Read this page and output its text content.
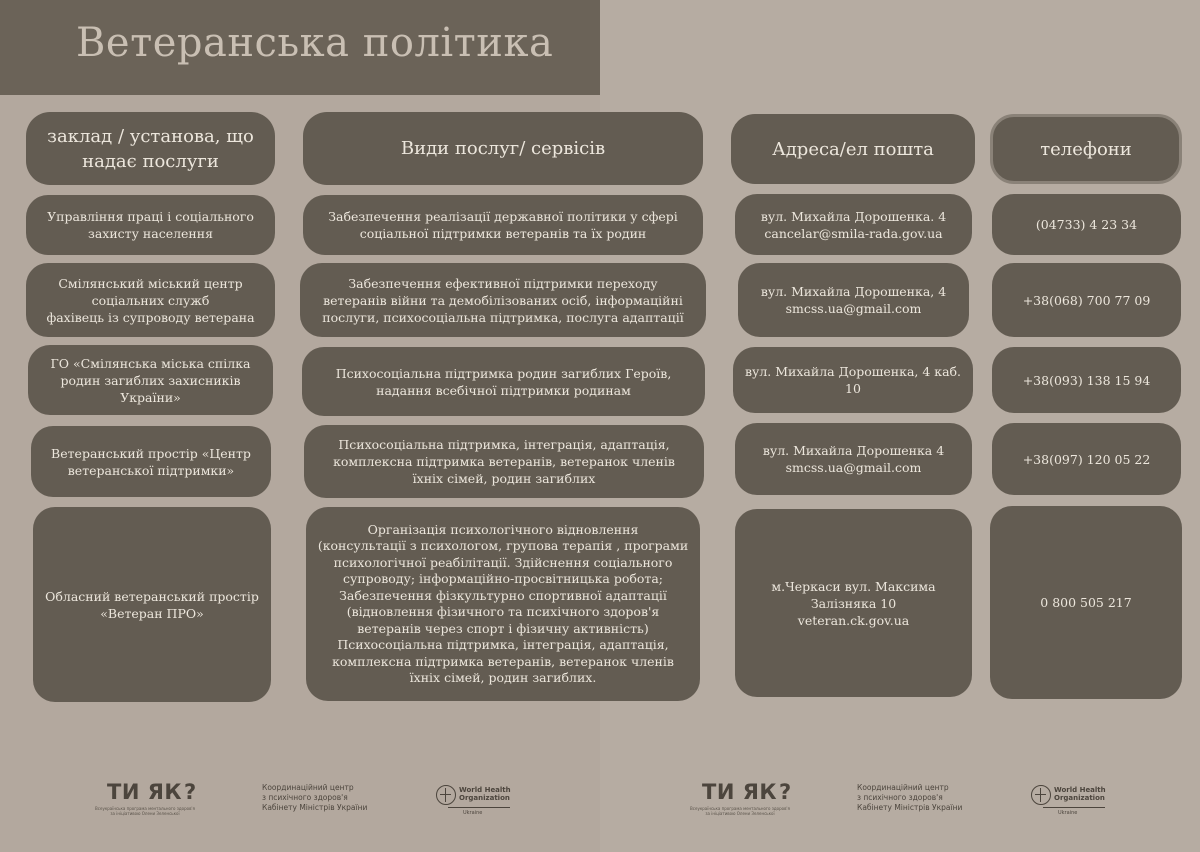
Ветеранська політика
заклад / установа, що
надає послуги
Види послуг/ сервісів	Адреса/ел пошта	телефони
Управління праці і соціального
захисту населення
Забезпечення реалізації державної політики у сфері
соціальної підтримки ветеранів та їх родин
вул. Михайла Дорошенка. 4
cancelar@smila-rada.gov.ua
(04733) 4 23 34
Смілянський міський центр
соціальних служб
фахівець із супроводу ветерана
Забезпечення ефективної підтримки переходу
ветеранів війни та демобілізованих осіб, інформаційні
послуги, психосоціальна підтримка, послуга адаптації
вул. Михайла Дорошенка, 4
smcss.ua@gmail.com
+38(068) 700 77 09
ГО «Смілянська міська спілка
родин загиблих захисників
України»
Психосоціальна підтримка родин загиблих Героїв,
надання всебічної підтримки родинам
вул. Михайла Дорошенка, 4 каб.
10
+38(093) 138 15 94
Ветеранський простір «Центр
ветеранської підтримки»
Психосоціальна підтримка, інтеграція, адаптація,
комплексна підтримка ветеранів, ветеранок членів
їхніх сімей, родин загиблих
вул. Михайла Дорошенка 4
smcss.ua@gmail.com
+38(097) 120 05 22
Обласний ветеранський простір
«Ветеран ПРО»
Організація психологічного відновлення
(консультації з психологом, групова терапія , програми
психологічної реабілітації. Здійснення соціального
супроводу; інформаційно-просвітницька робота;
Забезпечення фізкультурно спортивної адаптації
(відновлення фізичного та психічного здоров'я
ветеранів через спорт і фізичну активність)
Психосоціальна підтримка, інтеграція, адаптація,
комплексна підтримка ветеранів, ветеранок членів
їхніх сімей, родин загиблих.
м.Черкаси вул. Максима
Залізняка 10
veteran.ck.gov.ua
0 800 505 217
ТИ ЯК?
Всеукраїнська програма ментального здоров'я
за ініціативою Олени Зеленської
Координаційний центр
з психічного здоров'я
Кабінету Міністрів України
World Health
Organization
Ukraine
ТИ ЯК?
Всеукраїнська програма ментального здоров'я
за ініціативою Олени Зеленської
Координаційний центр
з психічного здоров'я
Кабінету Міністрів України
World Health
Organization
Ukraine
